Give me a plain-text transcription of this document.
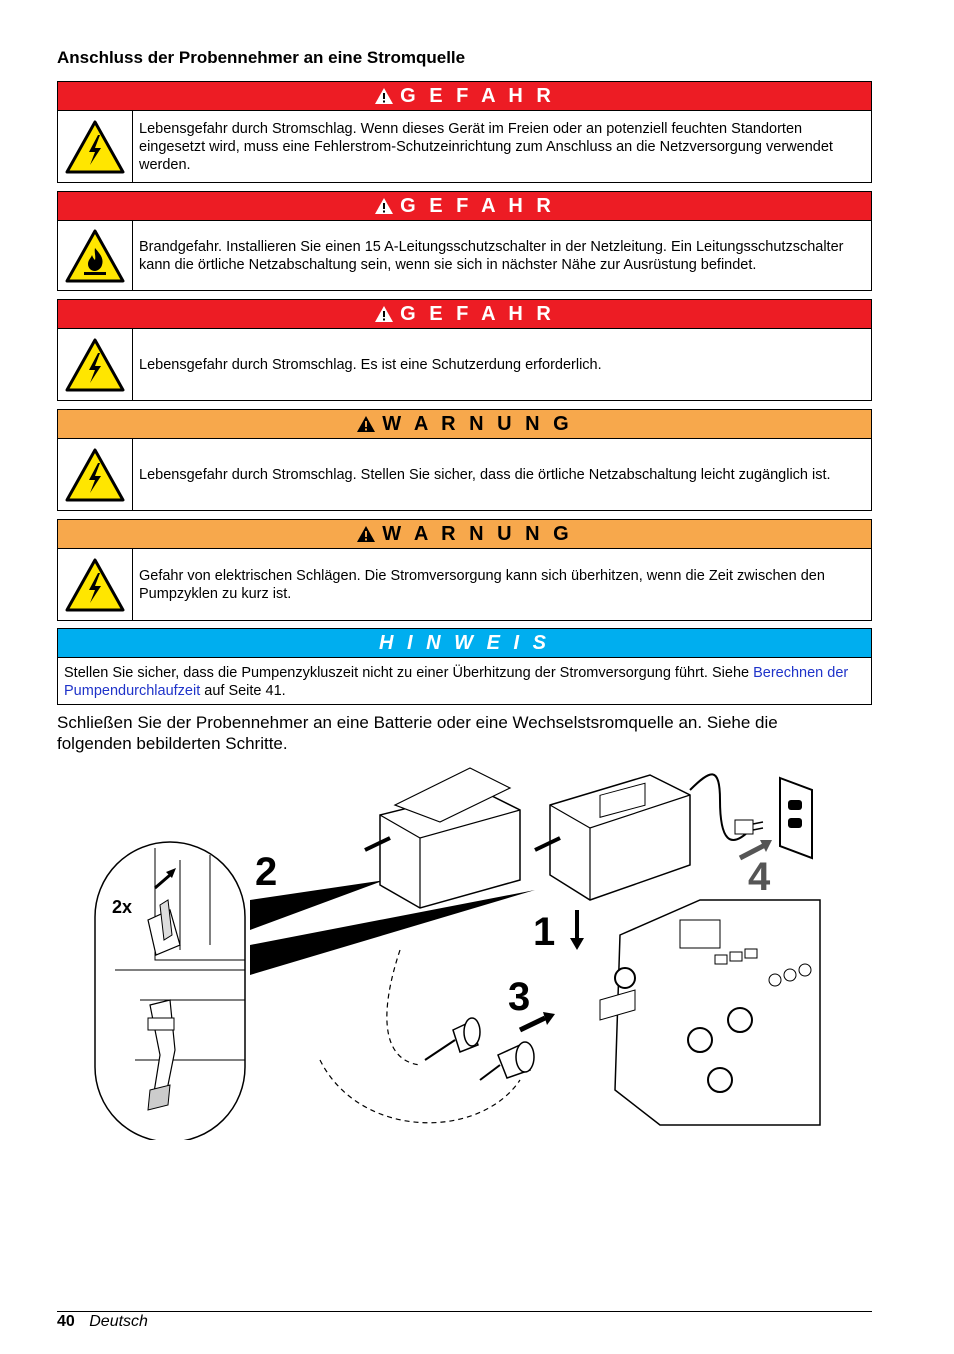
Anschluss der Probennehmer an eine Stromquelle
G E F A H R
Lebensgefahr durch Stromschlag. Wenn dieses Gerät im Freien oder an potenziell feuchten Standorten eingesetzt wird, muss eine Fehlerstrom-Schutzeinrichtung zum Anschluss an die Netzversorgung verwendet werden.
G E F A H R
Brandgefahr. Installieren Sie einen 15 A-Leitungsschutzschalter in der Netzleitung. Ein Leitungsschutzschalter kann die örtliche Netzabschaltung sein, wenn sie sich in nächster Nähe zur Ausrüstung befindet.
G E F A H R
Lebensgefahr durch Stromschlag. Es ist eine Schutzerdung erforderlich.
W A R N U N G
Lebensgefahr durch Stromschlag. Stellen Sie sicher, dass die örtliche Netzabschaltung leicht zugänglich ist.
W A R N U N G
Gefahr von elektrischen Schlägen. Die Stromversorgung kann sich überhitzen, wenn die Zeit zwischen den Pumpzyklen zu kurz ist.
H I N W E I S
Stellen Sie sicher, dass die Pumpenzykluszeit nicht zu einer Überhitzung der Stromversorgung führt. Siehe Berechnen der Pumpendurchlaufzeit auf Seite 41.
Schließen Sie der Probennehmer an eine Batterie oder eine Wechselstsromquelle an. Siehe die folgenden bebilderten Schritte.
2x
2
1
3
4
40 Deutsch
